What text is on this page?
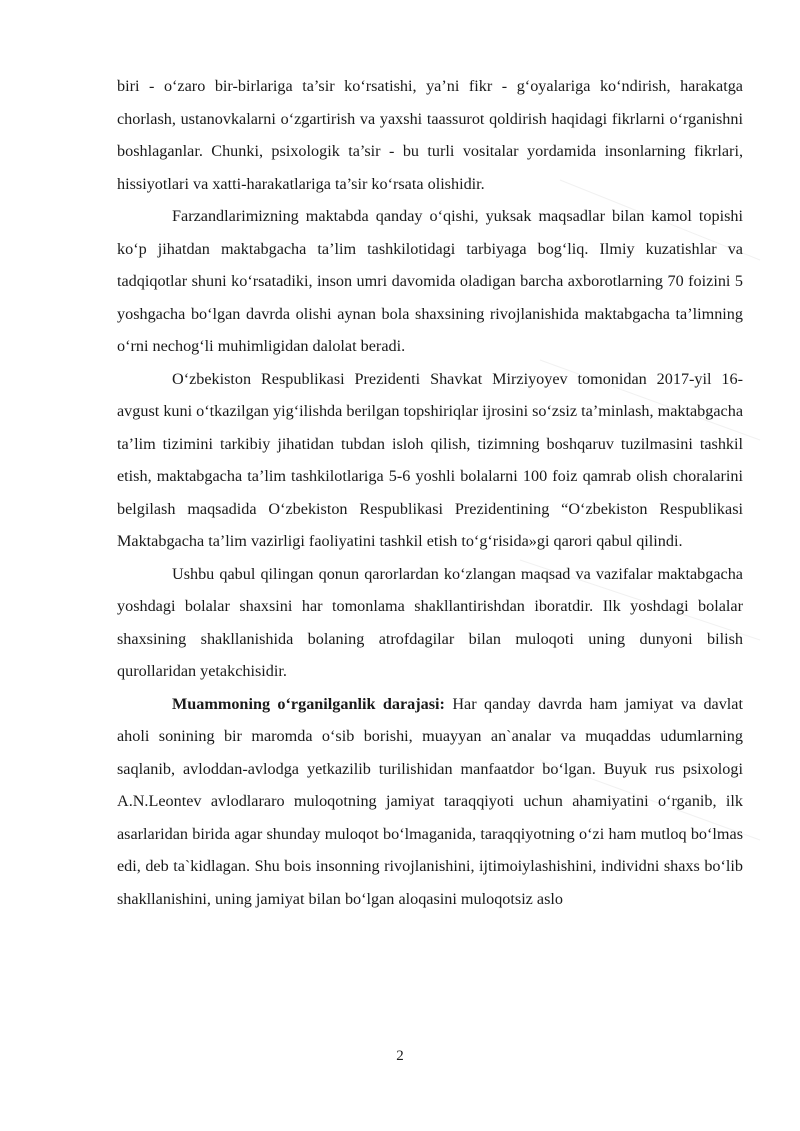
biri - o‘zaro bir-birlariga ta’sir ko‘rsatishi, ya’ni fikr - g‘oyalariga ko‘ndirish, harakatga chorlash, ustanovkalarni o‘zgartirish va yaxshi taassurot qoldirish haqidagi fikrlarni o‘rganishni boshlaganlar. Chunki, psixologik ta’sir - bu turli vositalar yordamida insonlarning fikrlari, hissiyotlari va xatti-harakatlariga ta’sir ko‘rsata olishidir.

Farzandlarimizning maktabda qanday o‘qishi, yuksak maqsadlar bilan kamol topishi ko‘p jihatdan maktabgacha ta’lim tashkilotidagi tarbiyaga bog‘liq. Ilmiy kuzatishlar va tadqiqotlar shuni ko‘rsatadiki, inson umri davomida oladigan barcha axborotlarning 70 foizini 5 yoshgacha bo‘lgan davrda olishi aynan bola shaxsining rivojlanishida maktabgacha ta’limning o‘rni nechog‘li muhimligidan dalolat beradi.

O‘zbekiston Respublikasi Prezidenti Shavkat Mirziyoyev tomonidan 2017-yil 16-avgust kuni o‘tkazilgan yig‘ilishda berilgan topshiriqlar ijrosini so‘zsiz ta’minlash, maktabgacha ta’lim tizimini tarkibiy jihatidan tubdan isloh qilish, tizimning boshqaruv tuzilmasini tashkil etish, maktabgacha ta’lim tashkilotlariga 5-6 yoshli bolalarni 100 foiz qamrab olish choralarini belgilash maqsadida O‘zbekiston Respublikasi Prezidentining “O‘zbekiston Respublikasi Maktabgacha ta’lim vazirligi faoliyatini tashkil etish to‘g‘risida»gi qarori qabul qilindi.

Ushbu qabul qilingan qonun qarorlardan ko‘zlangan maqsad va vazifalar maktabgacha yoshdagi bolalar shaxsini har tomonlama shakllantirishdan iboratdir. Ilk yoshdagi bolalar shaxsining shakllanishida bolaning atrofdagilar bilan muloqoti uning dunyoni bilish qurollaridan yetakchisidir.

Muammoning o‘rganilganlik darajasi: Har qanday davrda ham jamiyat va davlat aholi sonining bir maromda o‘sib borishi, muayyan an`analar va muqaddas udumlarning saqlanib, avloddan-avlodga yetkazilib turilishidan manfaatdor bo‘lgan. Buyuk rus psixologi A.N.Leontev avlodlararo muloqotning jamiyat taraqqiyoti uchun ahamiyatini o‘rganib, ilk asarlaridan birida agar shunday muloqot bo‘lmaganida, taraqqiyotning o‘zi ham mutloq bo‘lmas edi, deb ta`kidlagan. Shu bois insonning rivojlanishini, ijtimoiylashishini, individni shaxs bo‘lib shakllanishini, uning jamiyat bilan bo‘lgan aloqasini muloqotsiz aslo

2
